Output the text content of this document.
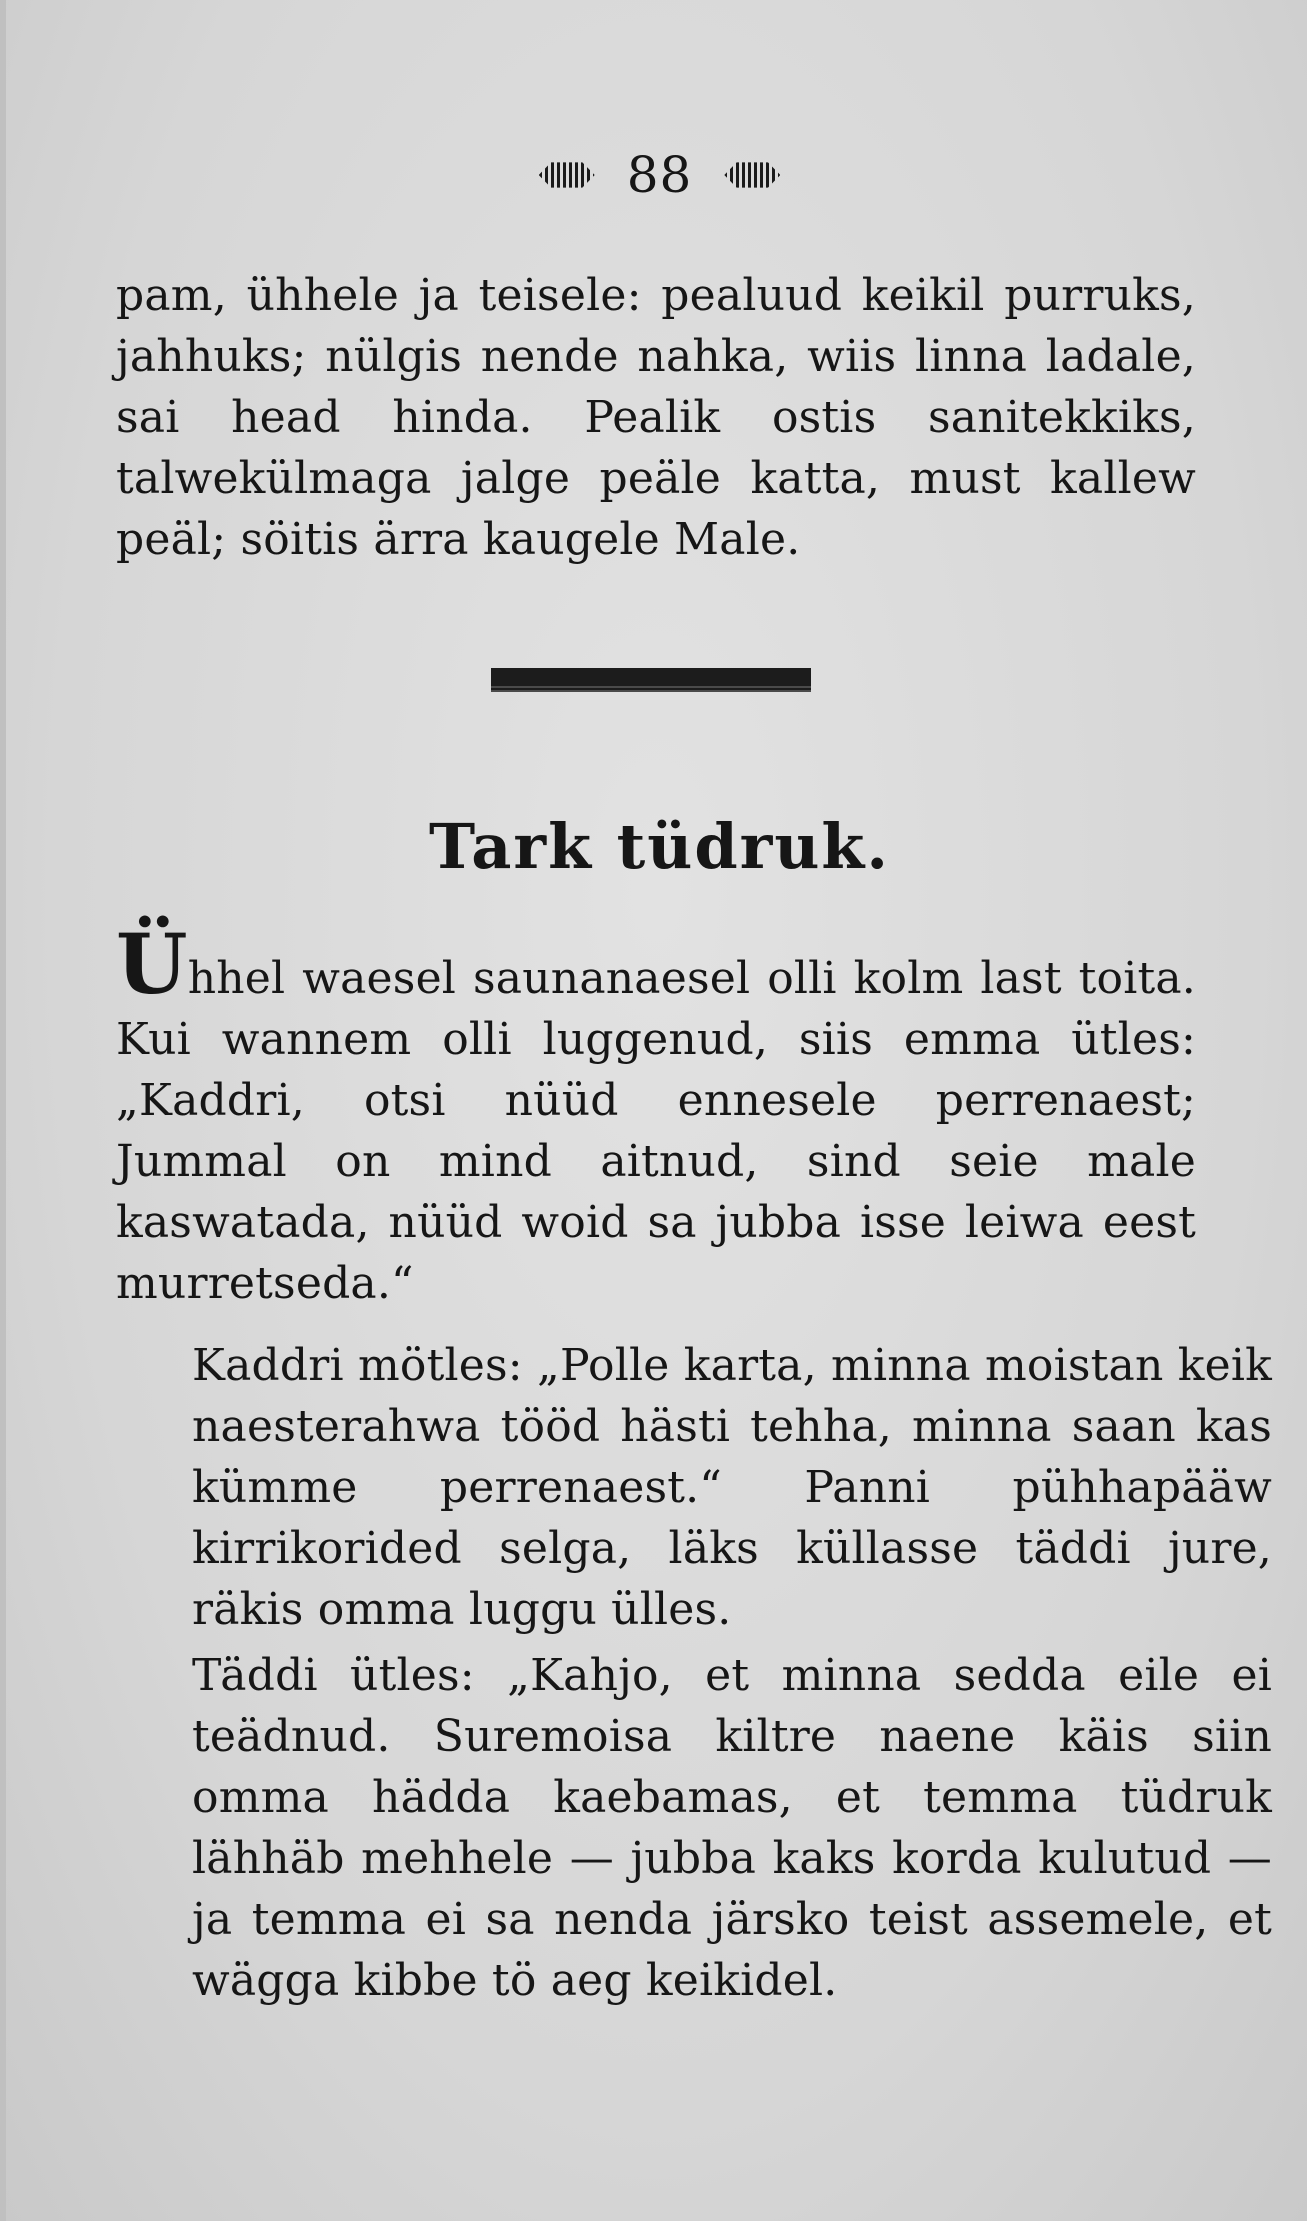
88

pam, ühhele ja teisele: pealuud keikil purruks, jahhuks; nülgis nende nahka, wiis linna ladale, sai head hinda. Pealik ostis sanitekkiks, talwekülmaga jalge peäle katta, must kallew peäl; söitis ärra kaugele Male.

Tark tüdruk.

Ühhel waesel saunanaesel olli kolm last toita. Kui wannem olli luggenud, siis emma ütles: „Kaddri, otsi nüüd ennesele perrenaest; Jummal on mind aitnud, sind seie male kaswatada, nüüd woid sa jubba isse leiwa eest murretseda.“

Kaddri mötles: „Polle karta, minna moistan keik naesterahwa tööd hästi tehha, minna saan kas kümme perrenaest.“ Panni pühhapääw kirrikorided selga, läks küllasse täddi jure, räkis omma luggu ülles.

Täddi ütles: „Kahjo, et minna sedda eile ei teädnud. Suremoisa kiltre naene käis siin omma häddа kaebamas, et temma tüdruk lähhäb mehhele — jubba kaks korda kulutud — ja temma ei sa nenda järsko teist assemele, et wägga kibbe tö aeg keikidel.
